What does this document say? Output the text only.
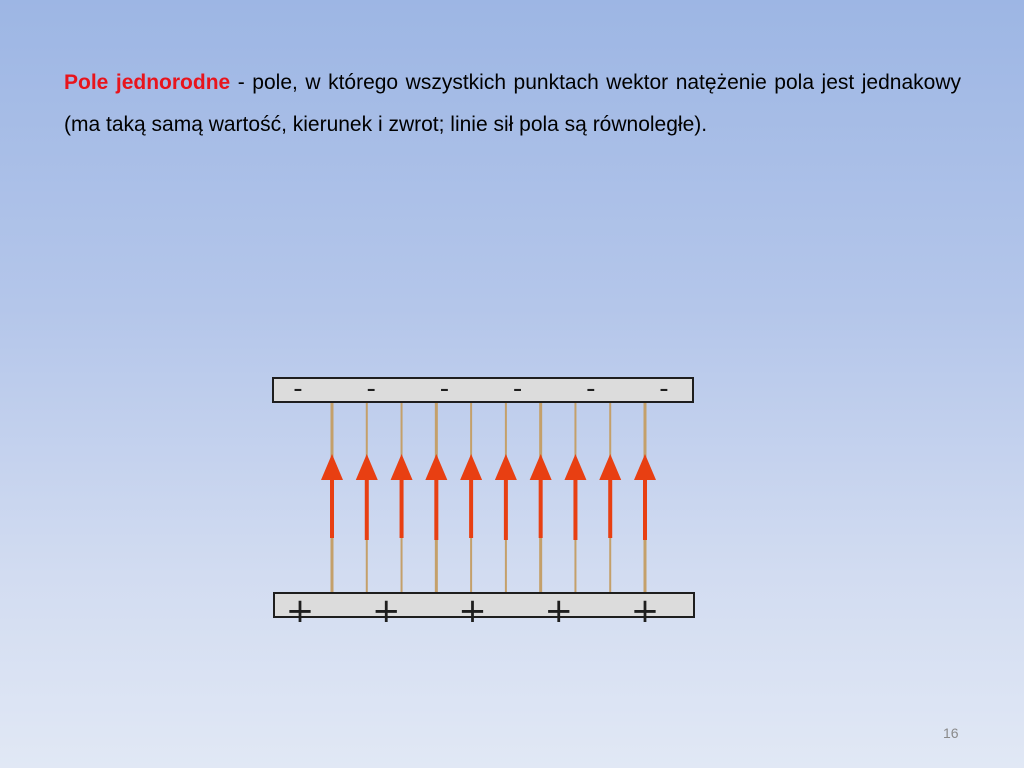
Pole jednorodne - pole, w którego wszystkich punktach wektor natężenie pola jest jednakowy (ma taką samą wartość, kierunek i zwrot; linie sił pola są równoległe).

- - - - - -
+ + + + +
16
